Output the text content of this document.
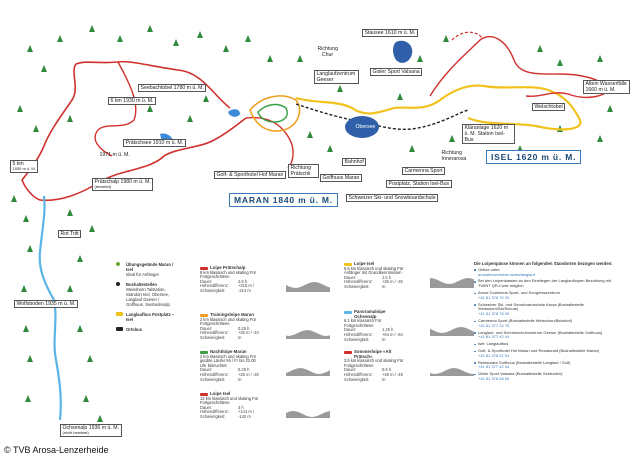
Stausee 1610 m ü. M.
Seebachtobel 1780 m ü. M.
6 km 1930 m ü. M.
Prätschsee 1910 m ü. M.
1971 m ü. M.
5 km
1930 m ü. M.
Prätschalp 1980 m ü. M.
(bewirtet)
Rot Tritt
Wolfsboden 1935 m ü. M.
Ochsenalp 1936 m ü. M.
(nicht bewirtet)
Golf- & Sporthotel Hof Maran
Richtung Prätschli
Richtung Chur
Langlaufzentrum Geeser
Gisler Sport Valsana
Obersee
Bahnhof
Golfhuus Maran
Postplatz, Station Isel-Bus
Carmenna Sport
Schweizer Ski- und Snowboardschule
Richtung Innerarosa
Kläranlage 1620 m ü. M. Station Isel-Bus
Welschtobel
Altein Wasserfälle 1660 m ü. M.
MARAN 1840 m ü. M.
ISEL 1620 m ü. M.
Übungsgelände Maran / Isel
Ideal für Anfänger
Bushaltestellen
Weisshorn Talstation, Standort Isel, Obersee, Langlauf Geeser / Golfhuus, Seebodenalp
Langlaufbus Postplatz – Isel
Ortsbus
Loipe Prätschalp
8 km klassisch und skating Für Fortgeschrittene
Dauer:	2.5 h
Höhendifferenz: +215 m / -214 m
Schwierigkeit:
Trainingsloipe Maran
2 km klassisch und skating Für Fortgeschrittene
Dauer:	0.25 h
Höhendifferenz: +25 m / -24 m
Schwierigkeit:
Nachtloipe Maran
2 km klassisch und skating Für geübte Läufer Mi / Fr bis 21.00 Uhr beleuchtet
Dauer:	0.25 h
Höhendifferenz: +26 m / -26 m
Schwierigkeit:
Loipe Isel
13 km klassisch und skating Für Fortgeschrittene
Dauer:	3 h
Höhendifferenz: +141 m / -142 m
Schwierigkeit:
Loipe Isel
5.5 km klassisch und skating Für Anfänger mit Grundkenntnissen
Dauer:	1.5 h
Höhendifferenz: +26 m / -26 m
Schwierigkeit:
Panoramaloipe Ochsenalp
6.1 km klassisch Für Fortgeschrittene
Dauer:	1.25 h
Höhendifferenz: +64 m / -54 m
Schwierigkeit:
Sommerloipe «Alt Prätsch»
3.5 km klassisch und skating Für Fortgeschrittene
Dauer:	0.5 h
Höhendifferenz: +49 m / -49 m
Schwierigkeit:
Die Loipenpässe können an folgenden Standorten bezogen werden:
Online unter
arosalenzerheide.swiss/langlauf
Bei den Loipenkassen an den Einstiegen der Langlaufloipen Bezahlung mit TWINT QR-Code möglich
Arosa Tourismus Sport- und Kongresszentrum
+41 81 378 70 20
Schweizer Ski- und Snowboardschule Arosa (Bushaltestelle Weisshorn/Ski/Schule)
+41 81 378 75 00
Carmenna Sport (Bushaltestelle Weisshorn/Bahnhof)
+41 81 377 22 75
Langlauf- und Schneeschuhzentrum Geeser (Bushaltestelle Golfhuus)
+41 81 377 42 44
Isel: Langlaufbus
Golf- & Sporthotel Hof Maran und Restaurant (Bushaltestelle Maran)
+41 81 378 51 51
Restaurant Golfhuus (Bushaltestelle Langlauf / Golf)
+41 81 377 42 44
Gisler Sport Valsana (Bushaltestelle Seeboden)
+41 81 378 63 63
© TVB Arosa-Lenzerheide
